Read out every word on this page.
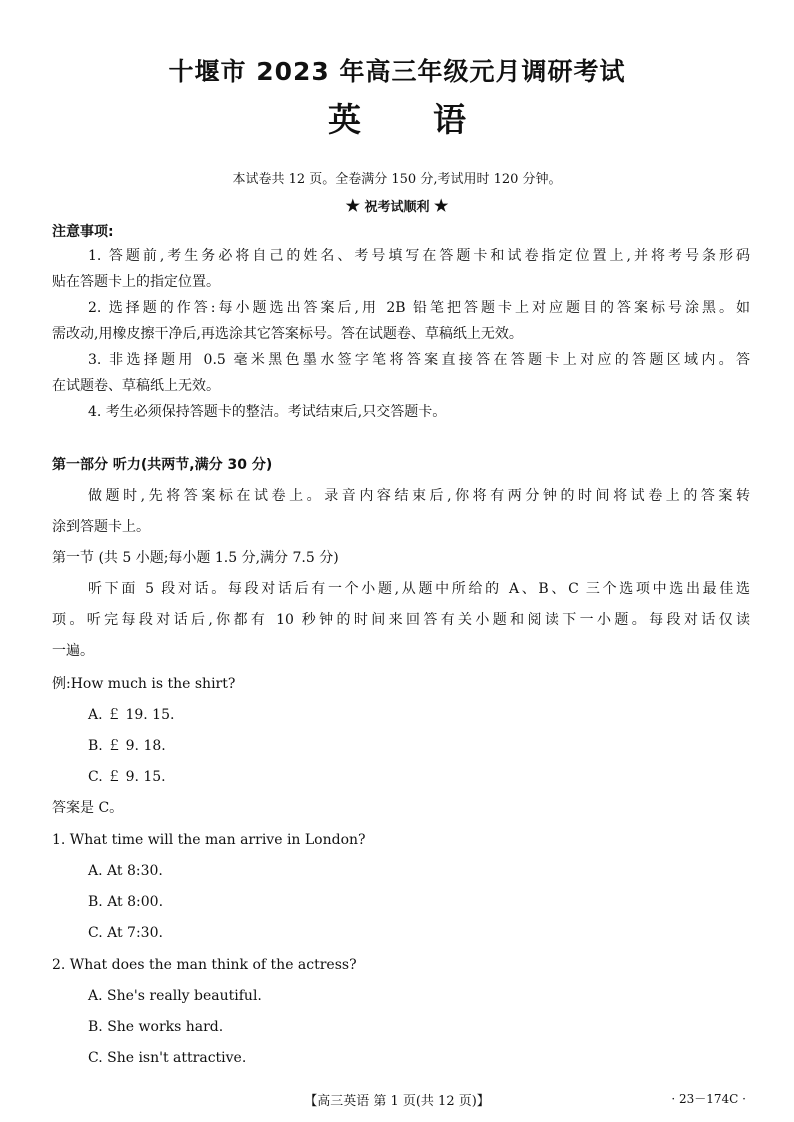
十堰市 2023 年高三年级元月调研考试
英 语
本试卷共 12 页。全卷满分 150 分,考试用时 120 分钟。
★ 祝考试顺利 ★
注意事项:
1. 答题前,考生务必将自己的姓名、考号填写在答题卡和试卷指定位置上,并将考号条形码
贴在答题卡上的指定位置。
2. 选择题的作答:每小题选出答案后,用 2B 铅笔把答题卡上对应题目的答案标号涂黑。如
需改动,用橡皮擦干净后,再选涂其它答案标号。答在试题卷、草稿纸上无效。
3. 非选择题用 0.5 毫米黑色墨水签字笔将答案直接答在答题卡上对应的答题区域内。答
在试题卷、草稿纸上无效。
4. 考生必须保持答题卡的整洁。考试结束后,只交答题卡。
第一部分 听力(共两节,满分 30 分)
做题时,先将答案标在试卷上。录音内容结束后,你将有两分钟的时间将试卷上的答案转
涂到答题卡上。
第一节 (共 5 小题;每小题 1.5 分,满分 7.5 分)
听下面 5 段对话。每段对话后有一个小题,从题中所给的 A、B、C 三个选项中选出最佳选
项。听完每段对话后,你都有 10 秒钟的时间来回答有关小题和阅读下一小题。每段对话仅读
一遍。
例:How much is the shirt?
A. ￡ 19. 15.
B. ￡ 9. 18.
C. ￡ 9. 15.
答案是 C。
1. What time will the man arrive in London?
A. At 8:30.
B. At 8:00.
C. At 7:30.
2. What does the man think of the actress?
A. She's really beautiful.
B. She works hard.
C. She isn't attractive.
【高三英语 第 1 页(共 12 页)】	· 23－174C ·
